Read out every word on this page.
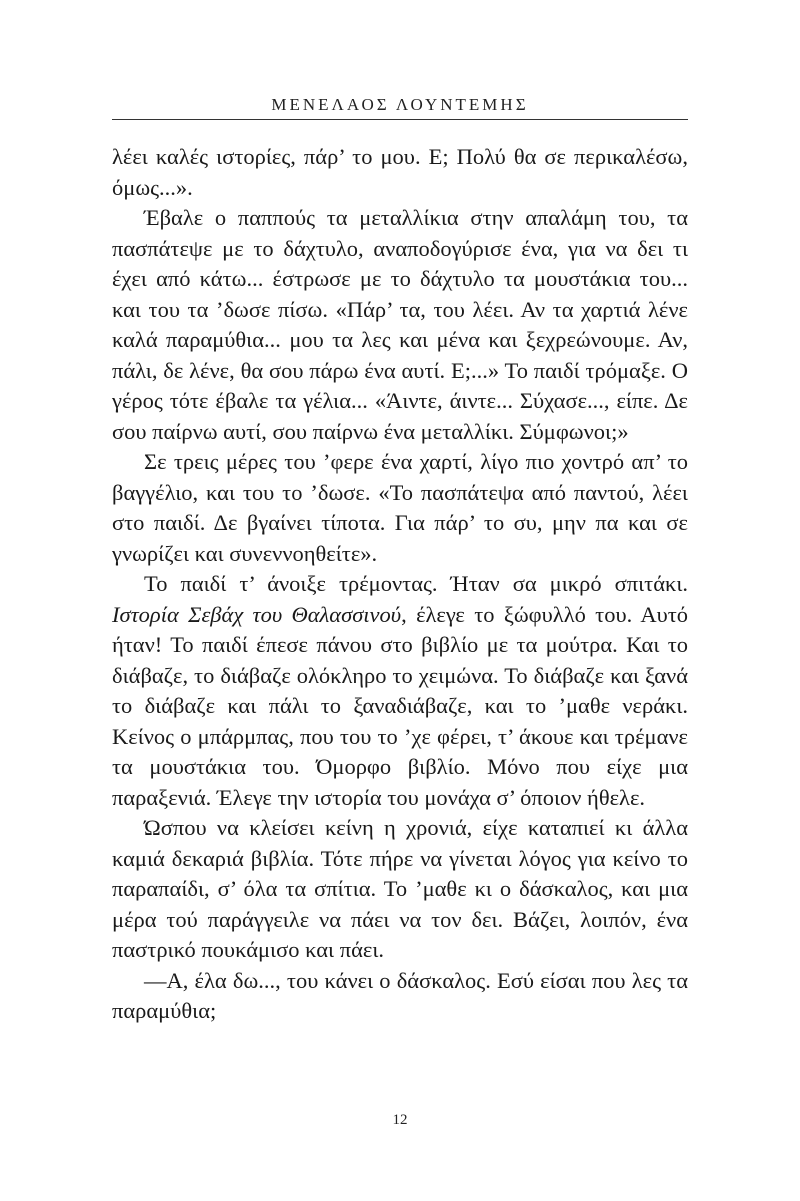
ΜΕΝΕΛΑΟΣ ΛΟΥΝΤΕΜΗΣ

λέει καλές ιστορίες, πάρ’ το μου. Ε; Πολύ θα σε περικαλέσω, όμως...».

Έβαλε ο παππούς τα μεταλλίκια στην απαλάμη του, τα πασπάτεψε με το δάχτυλο, αναποδογύρισε ένα, για να δει τι έχει από κάτω... έστρωσε με το δάχτυλο τα μουστάκια του... και του τα ’δωσε πίσω. «Πάρ’ τα, του λέει. Αν τα χαρτιά λένε καλά παραμύθια... μου τα λες και μένα και ξεχρεώνουμε. Αν, πάλι, δε λένε, θα σου πάρω ένα αυτί. Ε;...» Το παιδί τρόμαξε. Ο γέρος τότε έβαλε τα γέλια... «Άιντε, άιντε... Σύχασε..., είπε. Δε σου παίρνω αυτί, σου παίρνω ένα μεταλλίκι. Σύμφωνοι;»

Σε τρεις μέρες του ’φερε ένα χαρτί, λίγο πιο χοντρό απ’ το βαγγέλιο, και του το ’δωσε. «Το πασπάτεψα από παντού, λέει στο παιδί. Δε βγαίνει τίποτα. Για πάρ’ το συ, μην πα και σε γνωρίζει και συνεννοηθείτε».

Το παιδί τ’ άνοιξε τρέμοντας. Ήταν σα μικρό σπιτάκι. Ιστορία Σεβάχ του Θαλασσινού, έλεγε το ξώφυλλό του. Αυτό ήταν! Το παιδί έπεσε πάνου στο βιβλίο με τα μούτρα. Και το διάβαζε, το διάβαζε ολόκληρο το χειμώνα. Το διάβαζε και ξανά το διάβαζε και πάλι το ξαναδιάβαζε, και το ’μαθε νεράκι. Κείνος ο μπάρμπας, που του το ’χε φέρει, τ’ άκουε και τρέμανε τα μουστάκια του. Όμορφο βιβλίο. Μόνο που είχε μια παραξενιά. Έλεγε την ιστορία του μονάχα σ’ όποιον ήθελε.

Ώσπου να κλείσει κείνη η χρονιά, είχε καταπιεί κι άλλα καμιά δεκαριά βιβλία. Τότε πήρε να γίνεται λόγος για κείνο το παραπαίδι, σ’ όλα τα σπίτια. Το ’μαθε κι ο δάσκαλος, και μια μέρα τού παράγγειλε να πάει να τον δει. Βάζει, λοιπόν, ένα παστρικό πουκάμισο και πάει.

—Α, έλα δω..., του κάνει ο δάσκαλος. Εσύ είσαι που λες τα παραμύθια;

12
